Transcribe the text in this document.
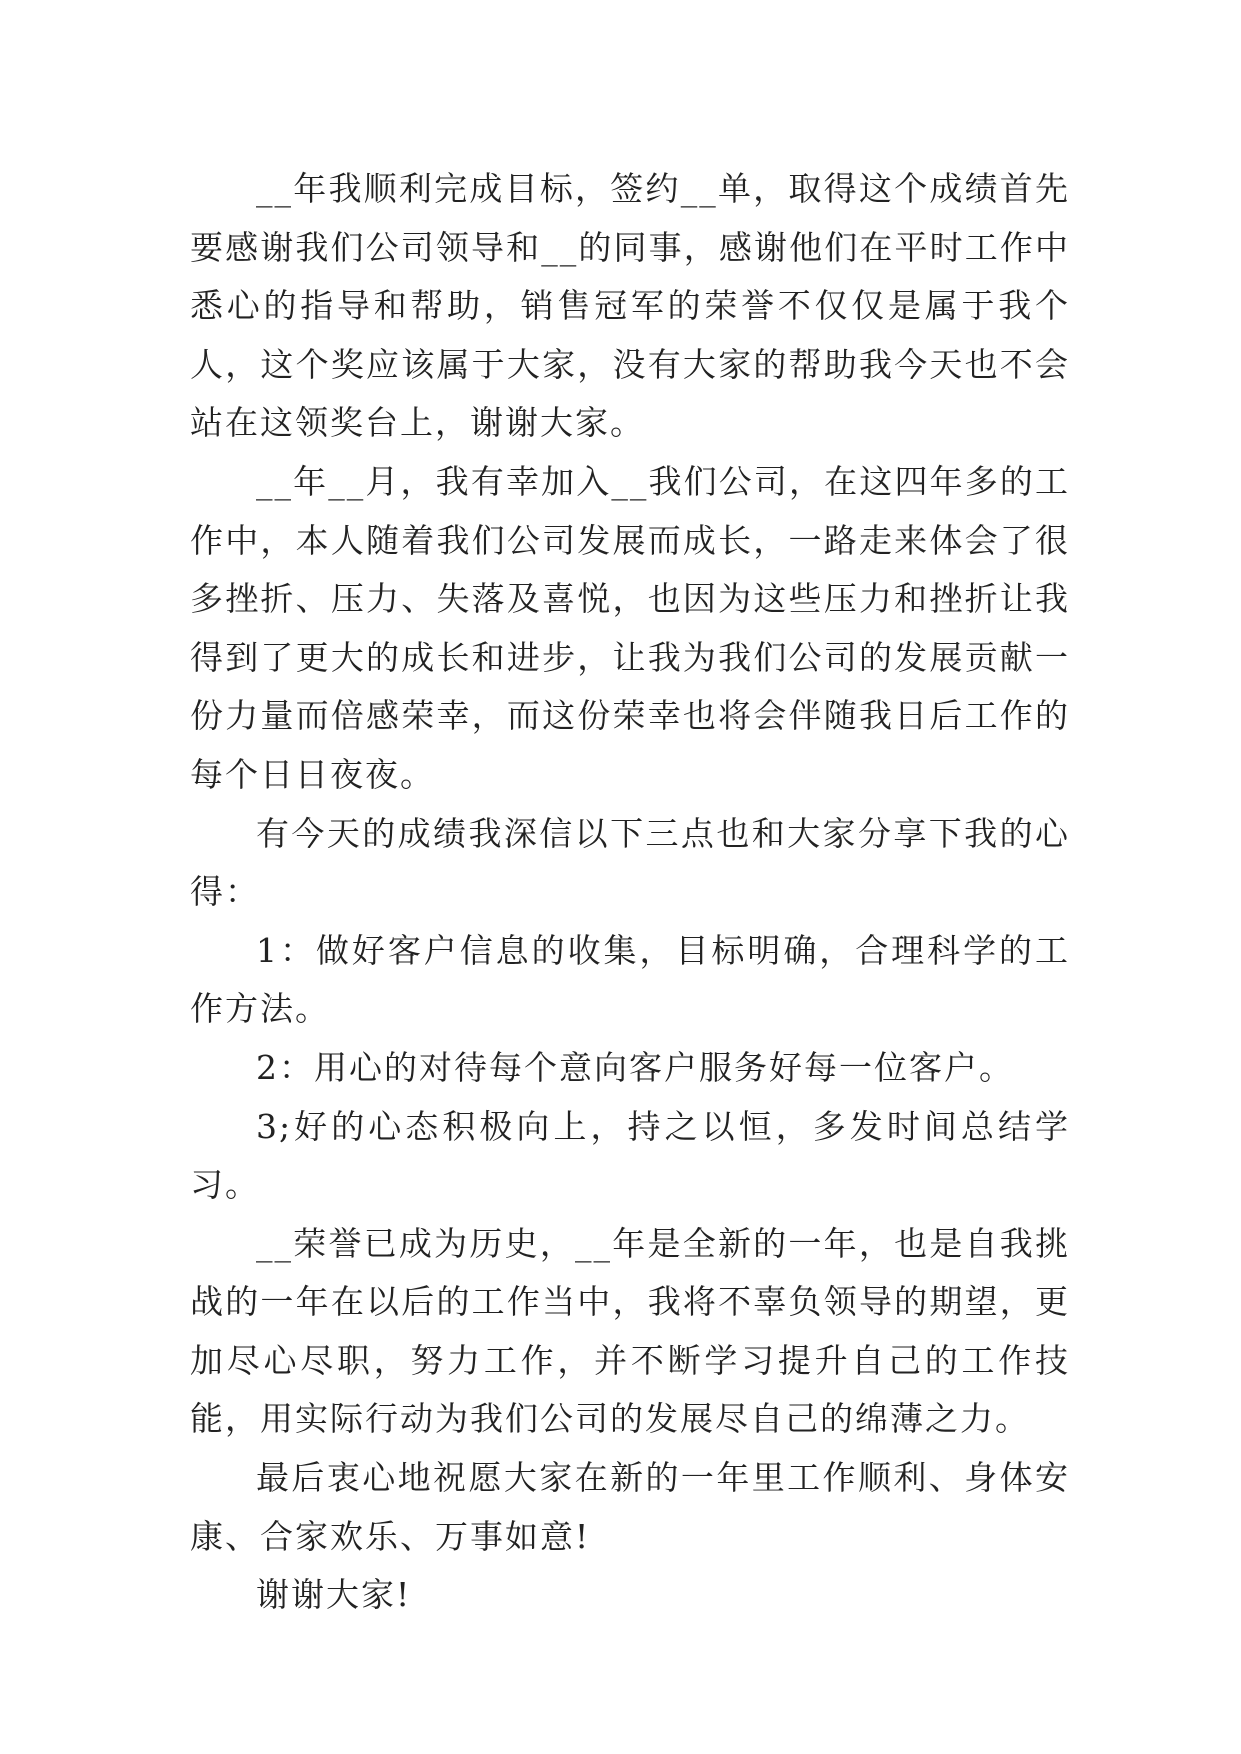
__年我顺利完成目标，签约__单，取得这个成绩首先要感谢我们公司领导和__的同事，感谢他们在平时工作中悉心的指导和帮助，销售冠军的荣誉不仅仅是属于我个人，这个奖应该属于大家，没有大家的帮助我今天也不会站在这领奖台上，谢谢大家。

__年__月，我有幸加入__我们公司，在这四年多的工作中，本人随着我们公司发展而成长，一路走来体会了很多挫折、压力、失落及喜悦，也因为这些压力和挫折让我得到了更大的成长和进步，让我为我们公司的发展贡献一份力量而倍感荣幸，而这份荣幸也将会伴随我日后工作的每个日日夜夜。

有今天的成绩我深信以下三点也和大家分享下我的心得：

1：做好客户信息的收集，目标明确，合理科学的工作方法。

2：用心的对待每个意向客户服务好每一位客户。

3;好的心态积极向上，持之以恒，多发时间总结学习。

__荣誉已成为历史，__年是全新的一年，也是自我挑战的一年在以后的工作当中，我将不辜负领导的期望，更加尽心尽职，努力工作，并不断学习提升自己的工作技能，用实际行动为我们公司的发展尽自己的绵薄之力。

最后衷心地祝愿大家在新的一年里工作顺利、身体安康、合家欢乐、万事如意!

谢谢大家!
